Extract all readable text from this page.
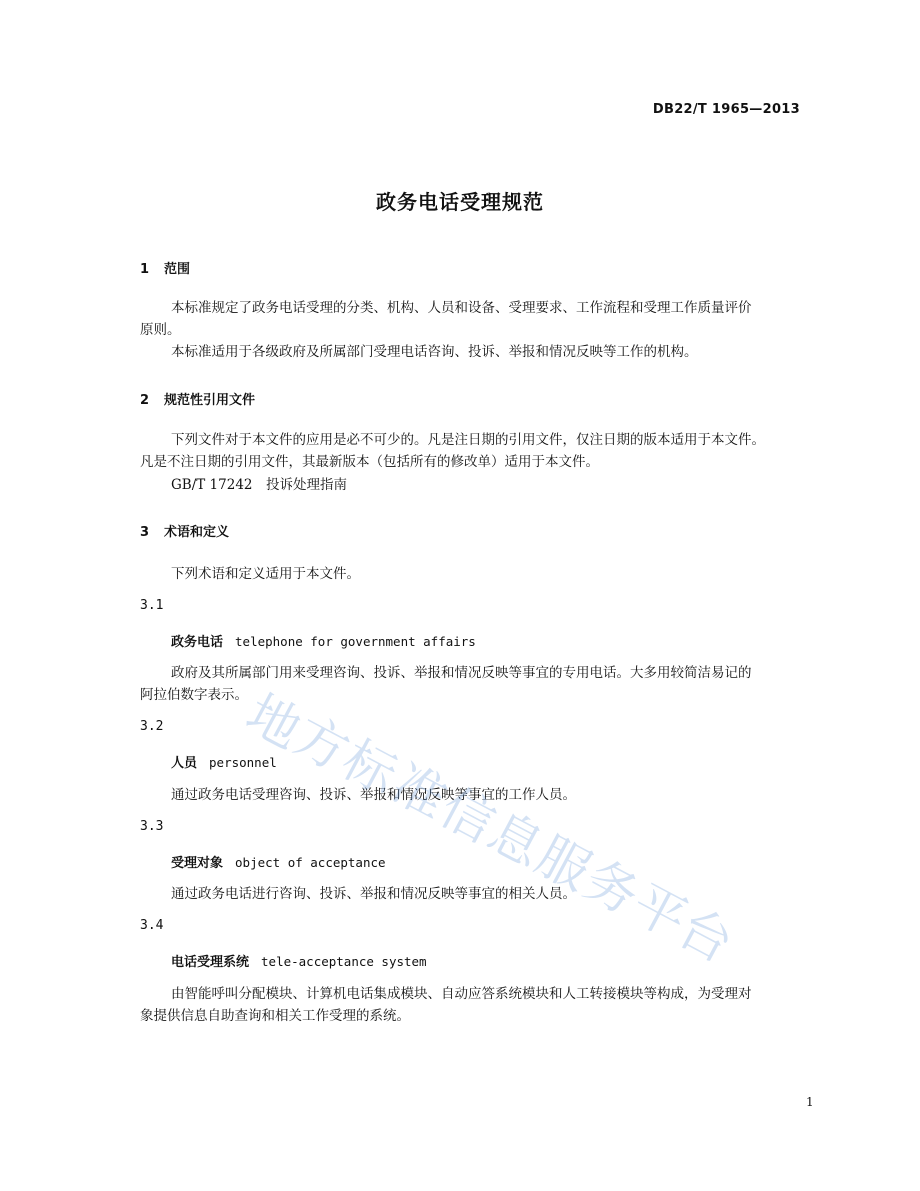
DB22/T 1965—2013
政务电话受理规范
1 范围
本标准规定了政务电话受理的分类、机构、人员和设备、受理要求、工作流程和受理工作质量评价
原则。
本标准适用于各级政府及所属部门受理电话咨询、投诉、举报和情况反映等工作的机构。
2 规范性引用文件
下列文件对于本文件的应用是必不可少的。凡是注日期的引用文件，仅注日期的版本适用于本文件。
凡是不注日期的引用文件，其最新版本（包括所有的修改单）适用于本文件。
GB/T 17242　投诉处理指南
3 术语和定义
下列术语和定义适用于本文件。
3.1
政务电话 telephone for government affairs
政府及其所属部门用来受理咨询、投诉、举报和情况反映等事宜的专用电话。大多用较简洁易记的
阿拉伯数字表示。
3.2
人员 personnel
通过政务电话受理咨询、投诉、举报和情况反映等事宜的工作人员。
3.3
受理对象 object of acceptance
通过政务电话进行咨询、投诉、举报和情况反映等事宜的相关人员。
3.4
电话受理系统 tele-acceptance system
由智能呼叫分配模块、计算机电话集成模块、自动应答系统模块和人工转接模块等构成，为受理对
象提供信息自助查询和相关工作受理的系统。
地
方
标
准
信
息
服
务
平
台
1
